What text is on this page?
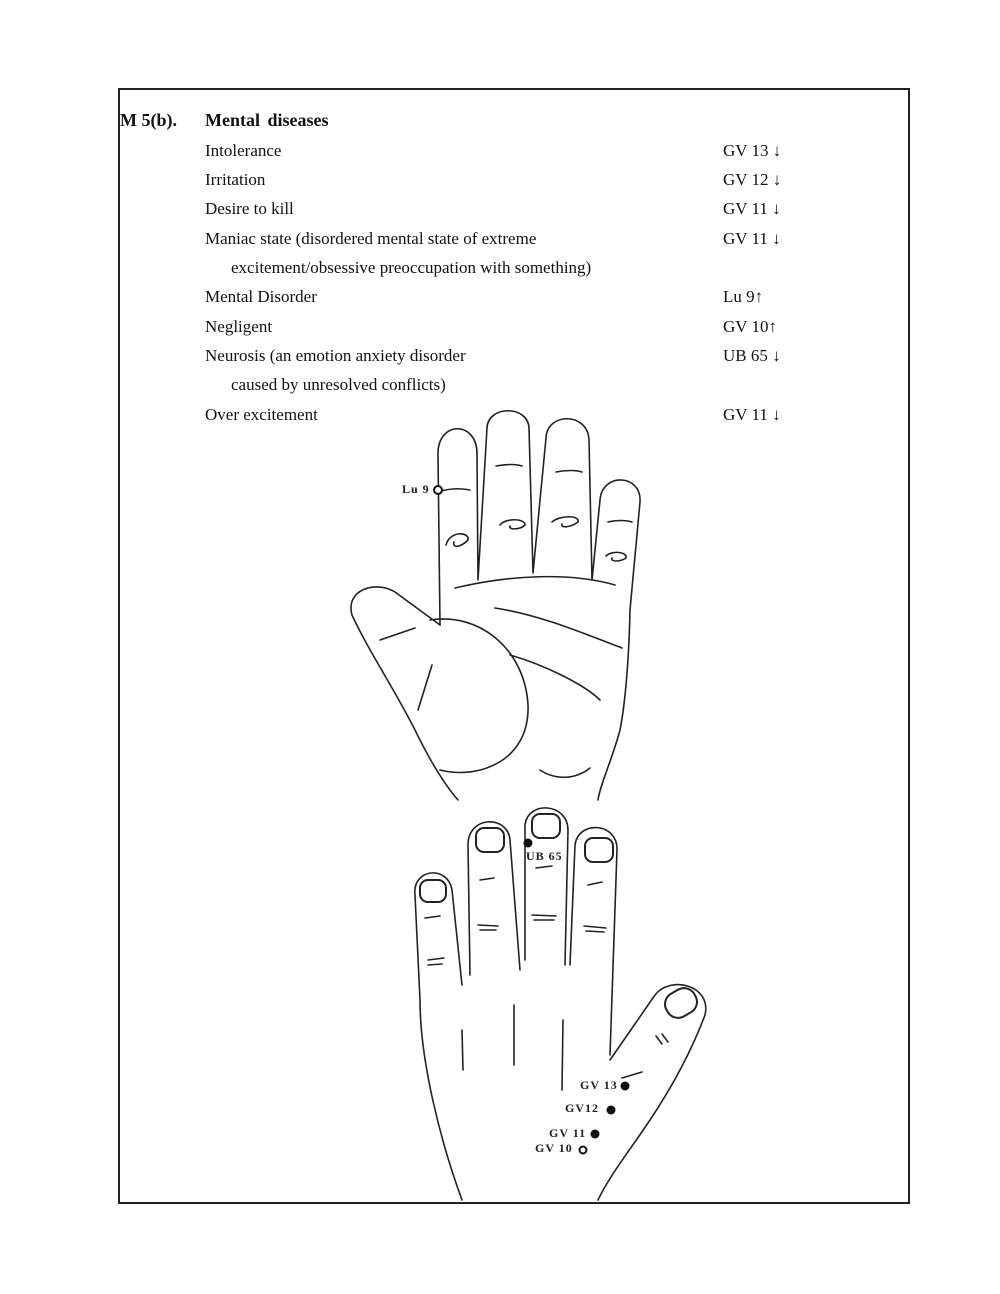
M 5(b). Mental diseases
Intolerance	GV 13 ↓
Irritation	GV 12 ↓
Desire to kill	GV 11 ↓
Maniac state (disordered mental state of extreme	GV 11 ↓
excitement/obsessive preoccupation with something)
Mental Disorder	Lu 9↑
Negligent	GV 10↑
Neurosis (an emotion anxiety disorder	UB 65 ↓
caused by unresolved conflicts)
Over excitement	GV 11 ↓
Lu 9
UB 65
GV 13
GV12
GV 11
GV 10
